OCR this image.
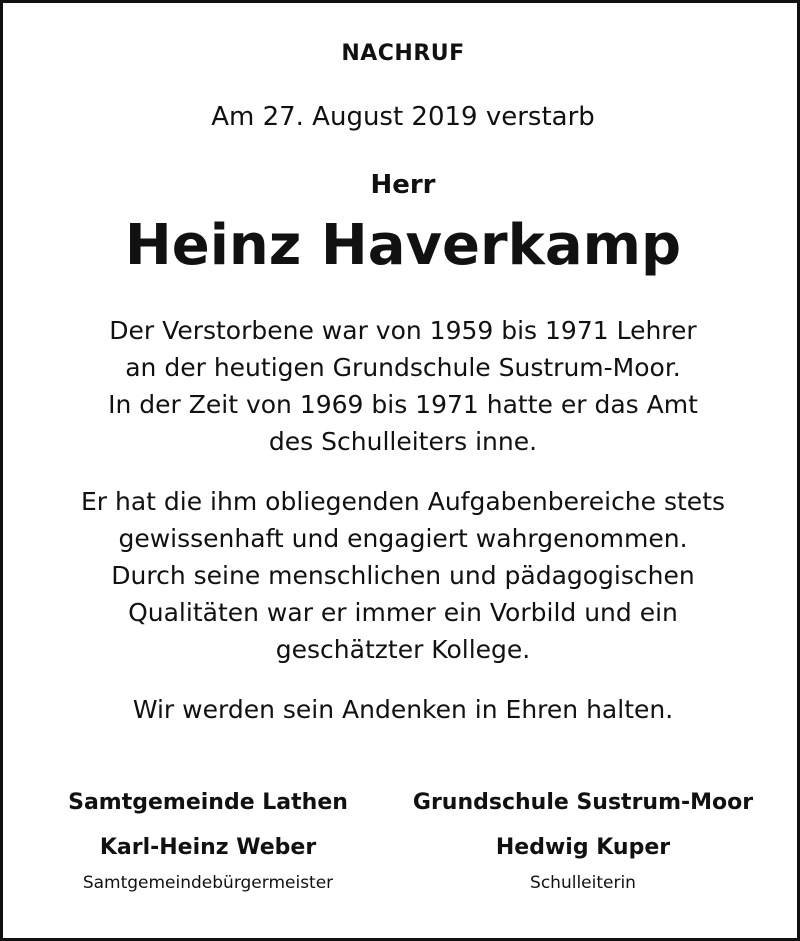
NACHRUF
Am 27. August 2019 verstarb
Herr
Heinz Haverkamp
Der Verstorbene war von 1959 bis 1971 Lehrer
an der heutigen Grundschule Sustrum-Moor.
In der Zeit von 1969 bis 1971 hatte er das Amt
des Schulleiters inne.
Er hat die ihm obliegenden Aufgabenbereiche stets
gewissenhaft und engagiert wahrgenommen.
Durch seine menschlichen und pädagogischen
Qualitäten war er immer ein Vorbild und ein
geschätzter Kollege.
Wir werden sein Andenken in Ehren halten.
Samtgemeinde Lathen
Karl-Heinz Weber
Samtgemeindebürgermeister
Grundschule Sustrum-Moor
Hedwig Kuper
Schulleiterin
